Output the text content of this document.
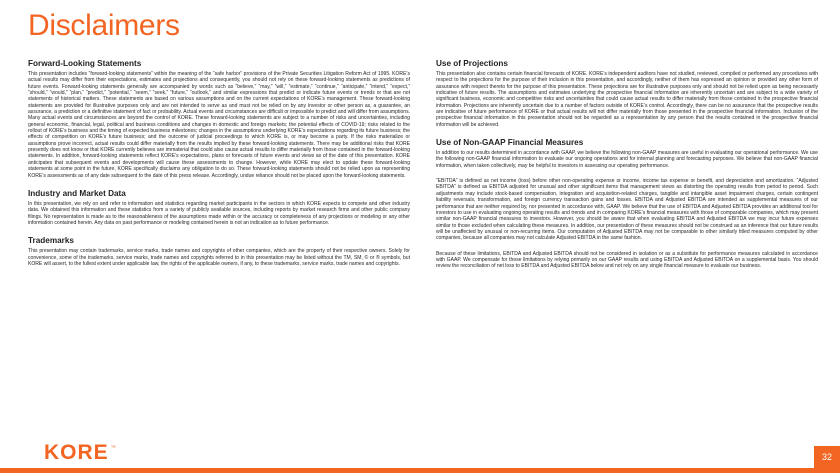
Disclaimers
Forward-Looking Statements

This presentation includes “forward-looking statements” within the meaning of the “safe harbor” provisions of the Private Securities Litigation Reform Act of 1995. KORE’s actual results may differ from their expectations, estimates and projections and consequently, you should not rely on these forward-looking statements as predictions of future events. Forward-looking statements generally are accompanied by words such as “believe,” “may,” “will,” “estimate,” “continue,” “anticipate,” “intend,” “expect,” “should,” “would,” “plan,” “predict,” “potential,” “seem,” “seek,” “future,” “outlook,” and similar expressions that predict or indicate future events or trends or that are not statements of historical matters. These statements are based on various assumptions and on the current expectations of KORE’s management. These forward-looking statements are provided for illustrative purposes only and are not intended to serve as and must not be relied on by any investor or other person as, a guarantee, an assurance, a prediction or a definitive statement of fact or probability. Actual events and circumstances are difficult or impossible to predict and will differ from assumptions. Many actual events and circumstances are beyond the control of KORE. These forward-looking statements are subject to a number of risks and uncertainties, including general economic, financial, legal, political and business conditions and changes in domestic and foreign markets; the potential effects of COVID-19; risks related to the rollout of KORE’s business and the timing of expected business milestones; changes in the assumptions underlying KORE’s expectations regarding its future business; the effects of competition on KORE’s future business; and the outcome of judicial proceedings to which KORE is, or may become a party. If the risks materialize or assumptions prove incorrect, actual results could differ materially from the results implied by these forward-looking statements. There may be additional risks that KORE presently does not know or that KORE currently believes are immaterial that could also cause actual results to differ materially from those contained in the forward-looking statements. In addition, forward-looking statements reflect KORE’s expectations, plans or forecasts of future events and views as of the date of this presentation. KORE anticipates that subsequent events and developments will cause these assessments to change. However, while KORE may elect to update these forward-looking statements at some point in the future, KORE specifically disclaims any obligation to do so. These forward-looking statements should not be relied upon as representing KORE’s assessments as of any date subsequent to the date of this press release. Accordingly, undue reliance should not be placed upon the forward-looking statements.

Industry and Market Data

In this presentation, we rely on and refer to information and statistics regarding market participants in the sectors in which KORE expects to compete and other industry data. We obtained this information and these statistics from a variety of publicly available sources, including reports by market research firms and other public company filings. No representation is made as to the reasonableness of the assumptions made within or the accuracy or completeness of any projections or modeling or any other information contained herein. Any data on past performance or modeling contained herein is not an indication as to future performance.

Trademarks

This presentation may contain trademarks, service marks, trade names and copyrights of other companies, which are the property of their respective owners. Solely for convenience, some of the trademarks, service marks, trade names and copyrights referred to in this presentation may be listed without the TM, SM, © or ® symbols, but KORE will assert, to the fullest extent under applicable law, the rights of the applicable owners, if any, to these trademarks, service marks, trade names and copyrights.

Use of Projections

This presentation also contains certain financial forecasts of KORE. KORE’s independent auditors have not studied, reviewed, compiled or performed any procedures with respect to the projections for the purpose of their inclusion in this presentation, and accordingly, neither of them has expressed an opinion or provided any other form of assurance with respect thereto for the purpose of this presentation. These projections are for illustrative purposes only and should not be relied upon as being necessarily indicative of future results. The assumptions and estimates underlying the prospective financial information are inherently uncertain and are subject to a wide variety of significant business, economic and competitive risks and uncertainties that could cause actual results to differ materially from those contained in the prospective financial information. Projections are inherently uncertain due to a number of factors outside of KORE’s control. Accordingly, there can be no assurance that the prospective results are indicative of future performance of KORE or that actual results will not differ materially from those presented in the prospective financial information. Inclusion of the prospective financial information in this presentation should not be regarded as a representation by any person that the results contained in the prospective financial information will be achieved.

Use of Non-GAAP Financial Measures

In addition to our results determined in accordance with GAAP, we believe the following non-GAAP measures are useful in evaluating our operational performance. We use the following non-GAAP financial information to evaluate our ongoing operations and for internal planning and forecasting purposes. We believe that non-GAAP financial information, when taken collectively, may be helpful to investors in assessing our operating performance.

“EBITDA” is defined as net income (loss) before other non-operating expense or income, income tax expense or benefit, and depreciation and amortization. “Adjusted EBITDA” is defined as EBITDA adjusted for unusual and other significant items that management views as distorting the operating results from period to period. Such adjustments may include stock-based compensation, integration and acquisition-related charges, tangible and intangible asset impairment charges, certain contingent liability reversals, transformation, and foreign currency transaction gains and losses. EBITDA and Adjusted EBITDA are intended as supplemental measures of our performance that are neither required by, nor presented in accordance with, GAAP. We believe that the use of EBITDA and Adjusted EBITDA provides an additional tool for investors to use in evaluating ongoing operating results and trends and in comparing KORE’s financial measures with those of comparable companies, which may present similar non-GAAP financial measures to investors. However, you should be aware that when evaluating EBITDA and Adjusted EBITDA we may incur future expenses similar to those excluded when calculating these measures. In addition, our presentation of these measures should not be construed as an inference that our future results will be unaffected by unusual or non-recurring items. Our computation of Adjusted EBITDA may not be comparable to other similarly titled measures computed by other companies, because all companies may not calculate Adjusted EBITDA in the same fashion.

Because of these limitations, EBITDA and Adjusted EBITDA should not be considered in isolation or as a substitute for performance measures calculated in accordance with GAAP. We compensate for these limitations by relying primarily on our GAAP results and using EBITDA and Adjusted EBITDA on a supplemental basis. You should review the reconciliation of net loss to EBITDA and Adjusted EBITDA below and not rely on any single financial measure to evaluate our business.

KORE ™
32
